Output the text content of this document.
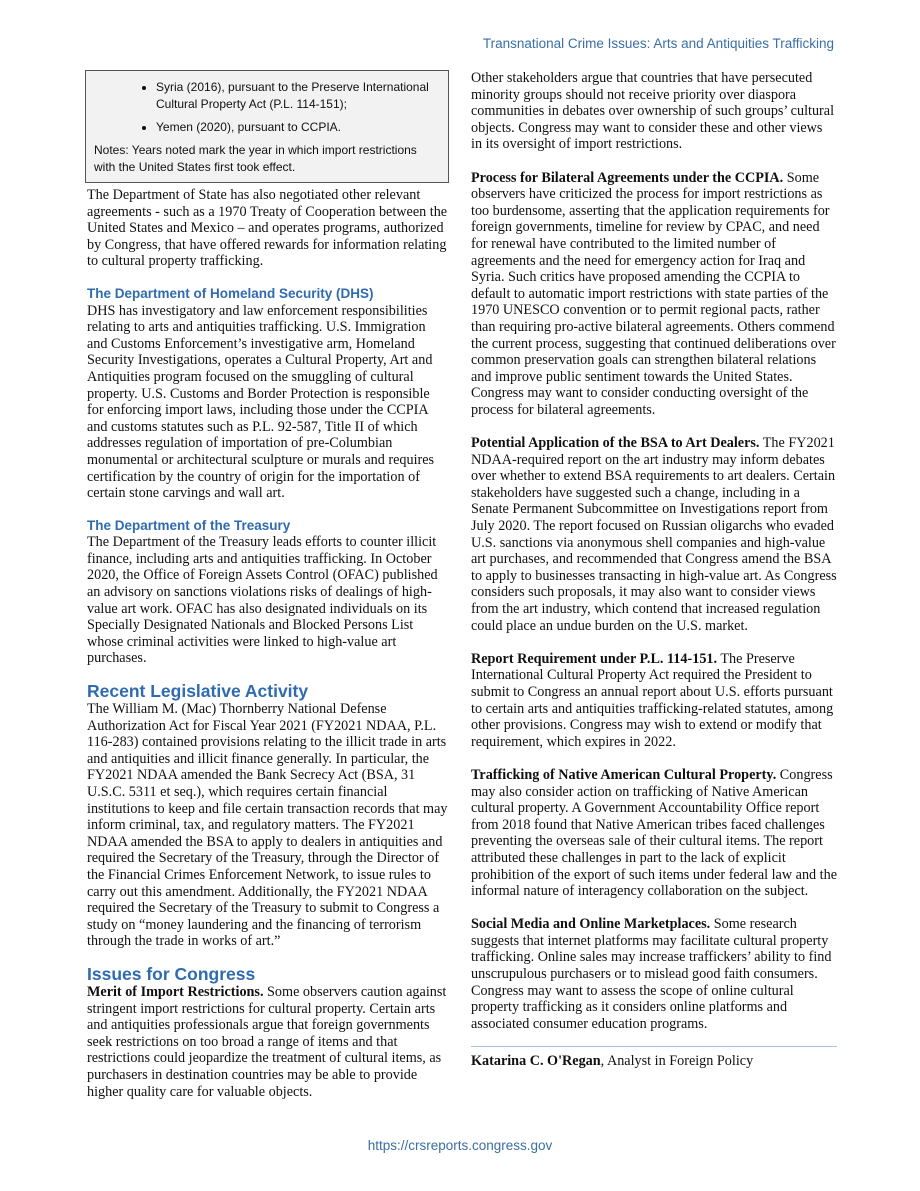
Transnational Crime Issues: Arts and Antiquities Trafficking
• Syria (2016), pursuant to the Preserve International Cultural Property Act (P.L. 114-151);
• Yemen (2020), pursuant to CCPIA.

Notes: Years noted mark the year in which import restrictions with the United States first took effect.

The Department of State has also negotiated other relevant agreements - such as a 1970 Treaty of Cooperation between the United States and Mexico – and operates programs, authorized by Congress, that have offered rewards for information relating to cultural property trafficking.

The Department of Homeland Security (DHS)

DHS has investigatory and law enforcement responsibilities relating to arts and antiquities trafficking. U.S. Immigration and Customs Enforcement’s investigative arm, Homeland Security Investigations, operates a Cultural Property, Art and Antiquities program focused on the smuggling of cultural property. U.S. Customs and Border Protection is responsible for enforcing import laws, including those under the CCPIA and customs statutes such as P.L. 92-587, Title II of which addresses regulation of importation of pre-Columbian monumental or architectural sculpture or murals and requires certification by the country of origin for the importation of certain stone carvings and wall art.

The Department of the Treasury

The Department of the Treasury leads efforts to counter illicit finance, including arts and antiquities trafficking. In October 2020, the Office of Foreign Assets Control (OFAC) published an advisory on sanctions violations risks of dealings of high-value art work. OFAC has also designated individuals on its Specially Designated Nationals and Blocked Persons List whose criminal activities were linked to high-value art purchases.

Recent Legislative Activity

The William M. (Mac) Thornberry National Defense Authorization Act for Fiscal Year 2021 (FY2021 NDAA, P.L. 116-283) contained provisions relating to the illicit trade in arts and antiquities and illicit finance generally. In particular, the FY2021 NDAA amended the Bank Secrecy Act (BSA, 31 U.S.C. 5311 et seq.), which requires certain financial institutions to keep and file certain transaction records that may inform criminal, tax, and regulatory matters. The FY2021 NDAA amended the BSA to apply to dealers in antiquities and required the Secretary of the Treasury, through the Director of the Financial Crimes Enforcement Network, to issue rules to carry out this amendment. Additionally, the FY2021 NDAA required the Secretary of the Treasury to submit to Congress a study on “money laundering and the financing of terrorism through the trade in works of art.”

Issues for Congress

Merit of Import Restrictions. Some observers caution against stringent import restrictions for cultural property. Certain arts and antiquities professionals argue that foreign governments seek restrictions on too broad a range of items and that restrictions could jeopardize the treatment of cultural items, as purchasers in destination countries may be able to provide higher quality care for valuable objects.

Other stakeholders argue that countries that have persecuted minority groups should not receive priority over diaspora communities in debates over ownership of such groups’ cultural objects. Congress may want to consider these and other views in its oversight of import restrictions.

Process for Bilateral Agreements under the CCPIA. Some observers have criticized the process for import restrictions as too burdensome, asserting that the application requirements for foreign governments, timeline for review by CPAC, and need for renewal have contributed to the limited number of agreements and the need for emergency action for Iraq and Syria. Such critics have proposed amending the CCPIA to default to automatic import restrictions with state parties of the 1970 UNESCO convention or to permit regional pacts, rather than requiring pro-active bilateral agreements. Others commend the current process, suggesting that continued deliberations over common preservation goals can strengthen bilateral relations and improve public sentiment towards the United States. Congress may want to consider conducting oversight of the process for bilateral agreements.

Potential Application of the BSA to Art Dealers. The FY2021 NDAA-required report on the art industry may inform debates over whether to extend BSA requirements to art dealers. Certain stakeholders have suggested such a change, including in a Senate Permanent Subcommittee on Investigations report from July 2020. The report focused on Russian oligarchs who evaded U.S. sanctions via anonymous shell companies and high-value art purchases, and recommended that Congress amend the BSA to apply to businesses transacting in high-value art. As Congress considers such proposals, it may also want to consider views from the art industry, which contend that increased regulation could place an undue burden on the U.S. market.

Report Requirement under P.L. 114-151. The Preserve International Cultural Property Act required the President to submit to Congress an annual report about U.S. efforts pursuant to certain arts and antiquities trafficking-related statutes, among other provisions. Congress may wish to extend or modify that requirement, which expires in 2022.

Trafficking of Native American Cultural Property. Congress may also consider action on trafficking of Native American cultural property. A Government Accountability Office report from 2018 found that Native American tribes faced challenges preventing the overseas sale of their cultural items. The report attributed these challenges in part to the lack of explicit prohibition of the export of such items under federal law and the informal nature of interagency collaboration on the subject.

Social Media and Online Marketplaces. Some research suggests that internet platforms may facilitate cultural property trafficking. Online sales may increase traffickers’ ability to find unscrupulous purchasers or to mislead good faith consumers. Congress may want to assess the scope of online cultural property trafficking as it considers online platforms and associated consumer education programs.

Katarina C. O'Regan, Analyst in Foreign Policy
https://crsreports.congress.gov
